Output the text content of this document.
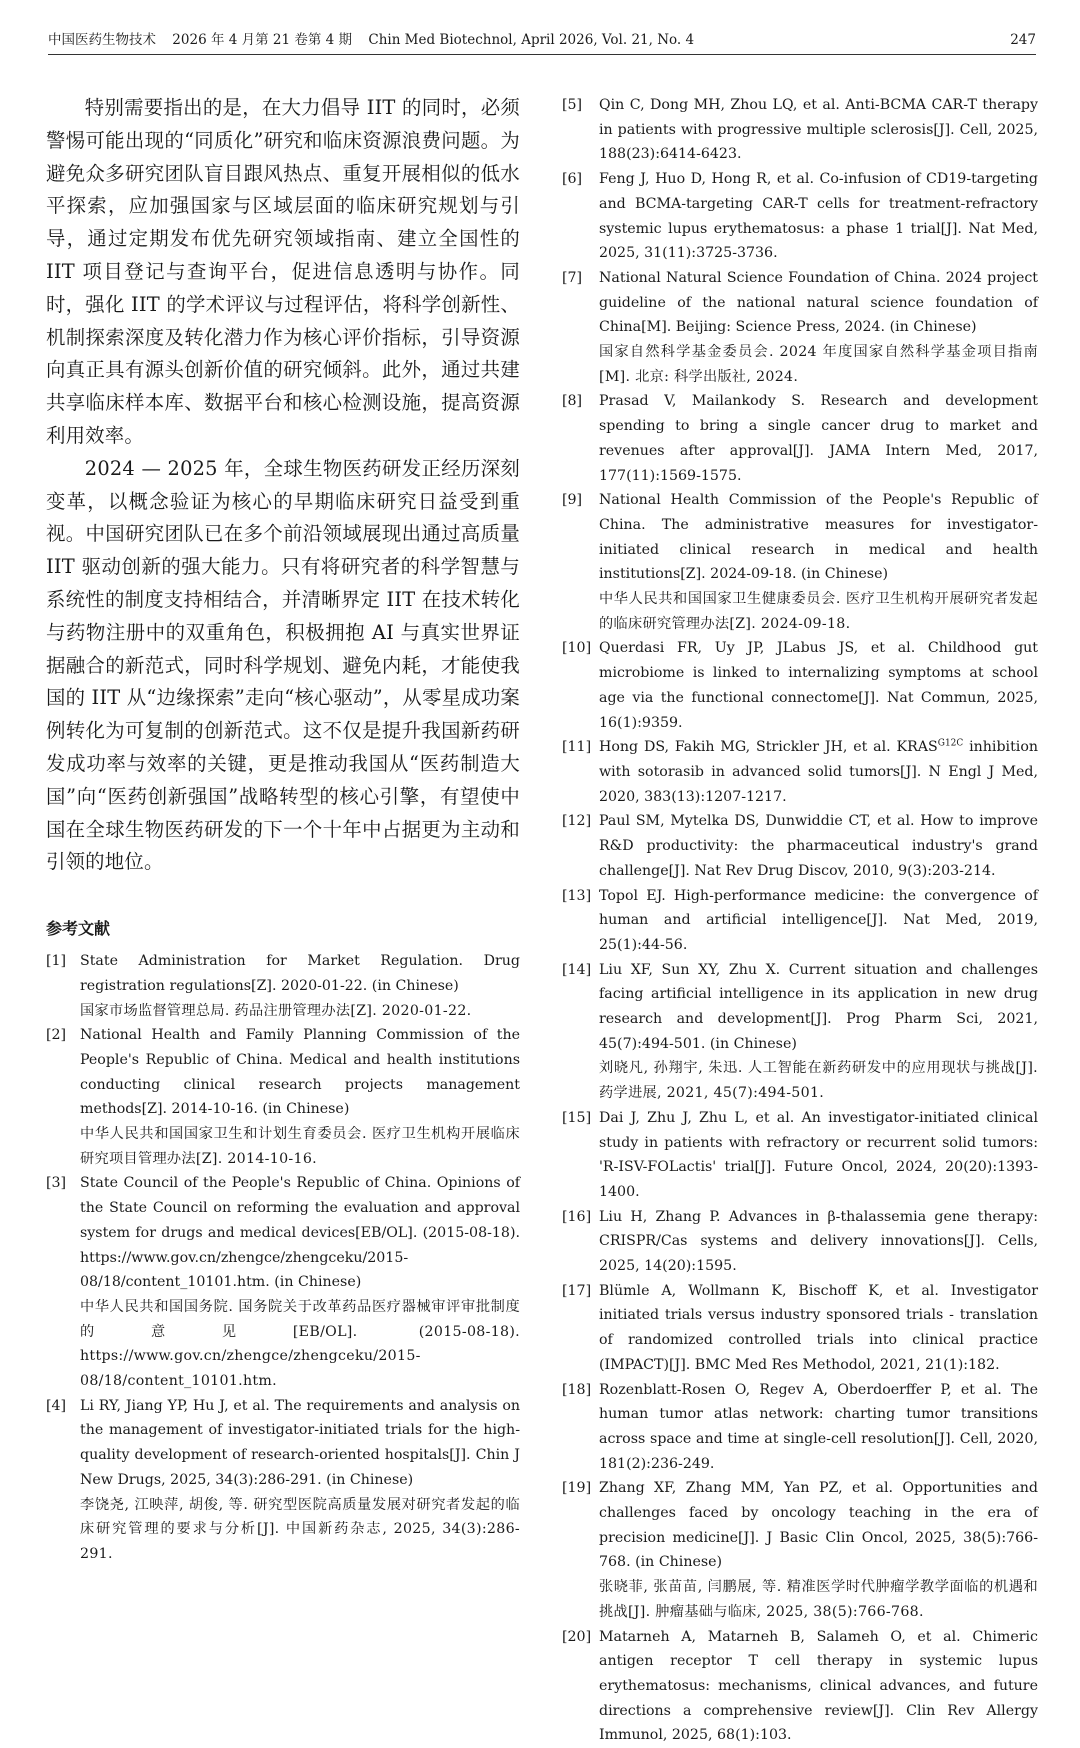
中国医药生物技术 2026 年 4 月第 21 卷第 4 期 Chin Med Biotechnol, April 2026, Vol. 21, No. 4	247

特别需要指出的是，在大力倡导 IIT 的同时，必须警惕可能出现的“同质化”研究和临床资源浪费问题。为避免众多研究团队盲目跟风热点、重复开展相似的低水平探索，应加强国家与区域层面的临床研究规划与引导，通过定期发布优先研究领域指南、建立全国性的 IIT 项目登记与查询平台，促进信息透明与协作。同时，强化 IIT 的学术评议与过程评估，将科学创新性、机制探索深度及转化潜力作为核心评价指标，引导资源向真正具有源头创新价值的研究倾斜。此外，通过共建共享临床样本库、数据平台和核心检测设施，提高资源利用效率。

2024 — 2025 年，全球生物医药研发正经历深刻变革，以概念验证为核心的早期临床研究日益受到重视。中国研究团队已在多个前沿领域展现出通过高质量 IIT 驱动创新的强大能力。只有将研究者的科学智慧与系统性的制度支持相结合，并清晰界定 IIT 在技术转化与药物注册中的双重角色，积极拥抱 AI 与真实世界证据融合的新范式，同时科学规划、避免内耗，才能使我国的 IIT 从“边缘探索”走向“核心驱动”，从零星成功案例转化为可复制的创新范式。这不仅是提升我国新药研发成功率与效率的关键，更是推动我国从“医药制造大国”向“医药创新强国”战略转型的核心引擎，有望使中国在全球生物医药研发的下一个十年中占据更为主动和引领的地位。

参考文献
[1] State Administration for Market Regulation. Drug registration regulations[Z]. 2020-01-22. (in Chinese)
国家市场监督管理总局. 药品注册管理办法[Z]. 2020-01-22.
[2] National Health and Family Planning Commission of the People's Republic of China. Medical and health institutions conducting clinical research projects management methods[Z]. 2014-10-16. (in Chinese)
中华人民共和国国家卫生和计划生育委员会. 医疗卫生机构开展临床研究项目管理办法[Z]. 2014-10-16.
[3] State Council of the People's Republic of China. Opinions of the State Council on reforming the evaluation and approval system for drugs and medical devices[EB/OL]. (2015-08-18). https://www.gov.cn/zhengce/zhengceku/2015-08/18/content_10101.htm. (in Chinese)
中华人民共和国国务院. 国务院关于改革药品医疗器械审评审批制度的意见[EB/OL]. (2015-08-18). https://www.gov.cn/zhengce/zhengceku/2015-08/18/content_10101.htm.
[4] Li RY, Jiang YP, Hu J, et al. The requirements and analysis on the management of investigator-initiated trials for the high-quality development of research-oriented hospitals[J]. Chin J New Drugs, 2025, 34(3):286-291. (in Chinese)
李饶尧, 江映萍, 胡俊, 等. 研究型医院高质量发展对研究者发起的临床研究管理的要求与分析[J]. 中国新药杂志, 2025, 34(3):286-291.
[5] Qin C, Dong MH, Zhou LQ, et al. Anti-BCMA CAR-T therapy in patients with progressive multiple sclerosis[J]. Cell, 2025, 188(23):6414-6423.
[6] Feng J, Huo D, Hong R, et al. Co-infusion of CD19-targeting and BCMA-targeting CAR-T cells for treatment-refractory systemic lupus erythematosus: a phase 1 trial[J]. Nat Med, 2025, 31(11):3725-3736.
[7] National Natural Science Foundation of China. 2024 project guideline of the national natural science foundation of China[M]. Beijing: Science Press, 2024. (in Chinese)
国家自然科学基金委员会. 2024 年度国家自然科学基金项目指南[M]. 北京: 科学出版社, 2024.
[8] Prasad V, Mailankody S. Research and development spending to bring a single cancer drug to market and revenues after approval[J]. JAMA Intern Med, 2017, 177(11):1569-1575.
[9] National Health Commission of the People's Republic of China. The administrative measures for investigator-initiated clinical research in medical and health institutions[Z]. 2024-09-18. (in Chinese)
中华人民共和国国家卫生健康委员会. 医疗卫生机构开展研究者发起的临床研究管理办法[Z]. 2024-09-18.
[10] Querdasi FR, Uy JP, JLabus JS, et al. Childhood gut microbiome is linked to internalizing symptoms at school age via the functional connectome[J]. Nat Commun, 2025, 16(1):9359.
[11] Hong DS, Fakih MG, Strickler JH, et al. $KRAS^{G12C}$ inhibition with sotorasib in advanced solid tumors[J]. N Engl J Med, 2020, 383(13):1207-1217.
[12] Paul SM, Mytelka DS, Dunwiddie CT, et al. How to improve R&D productivity: the pharmaceutical industry's grand challenge[J]. Nat Rev Drug Discov, 2010, 9(3):203-214.
[13] Topol EJ. High-performance medicine: the convergence of human and artificial intelligence[J]. Nat Med, 2019, 25(1):44-56.
[14] Liu XF, Sun XY, Zhu X. Current situation and challenges facing artificial intelligence in its application in new drug research and development[J]. Prog Pharm Sci, 2021, 45(7):494-501. (in Chinese)
刘晓凡, 孙翔宇, 朱迅. 人工智能在新药研发中的应用现状与挑战[J]. 药学进展, 2021, 45(7):494-501.
[15] Dai J, Zhu J, Zhu L, et al. An investigator-initiated clinical study in patients with refractory or recurrent solid tumors: 'R-ISV-FOLactis' trial[J]. Future Oncol, 2024, 20(20):1393-1400.
[16] Liu H, Zhang P. Advances in β-thalassemia gene therapy: CRISPR/Cas systems and delivery innovations[J]. Cells, 2025, 14(20):1595.
[17] Blümle A, Wollmann K, Bischoff K, et al. Investigator initiated trials versus industry sponsored trials - translation of randomized controlled trials into clinical practice (IMPACT)[J]. BMC Med Res Methodol, 2021, 21(1):182.
[18] Rozenblatt-Rosen O, Regev A, Oberdoerffer P, et al. The human tumor atlas network: charting tumor transitions across space and time at single-cell resolution[J]. Cell, 2020, 181(2):236-249.
[19] Zhang XF, Zhang MM, Yan PZ, et al. Opportunities and challenges faced by oncology teaching in the era of precision medicine[J]. J Basic Clin Oncol, 2025, 38(5):766-768. (in Chinese)
张晓菲, 张苗苗, 闫鹏展, 等. 精准医学时代肿瘤学教学面临的机遇和挑战[J]. 肿瘤基础与临床, 2025, 38(5):766-768.
[20] Matarneh A, Matarneh B, Salameh O, et al. Chimeric antigen receptor T cell therapy in systemic lupus erythematosus: mechanisms, clinical advances, and future directions a comprehensive review[J]. Clin Rev Allergy Immunol, 2025, 68(1):103.
